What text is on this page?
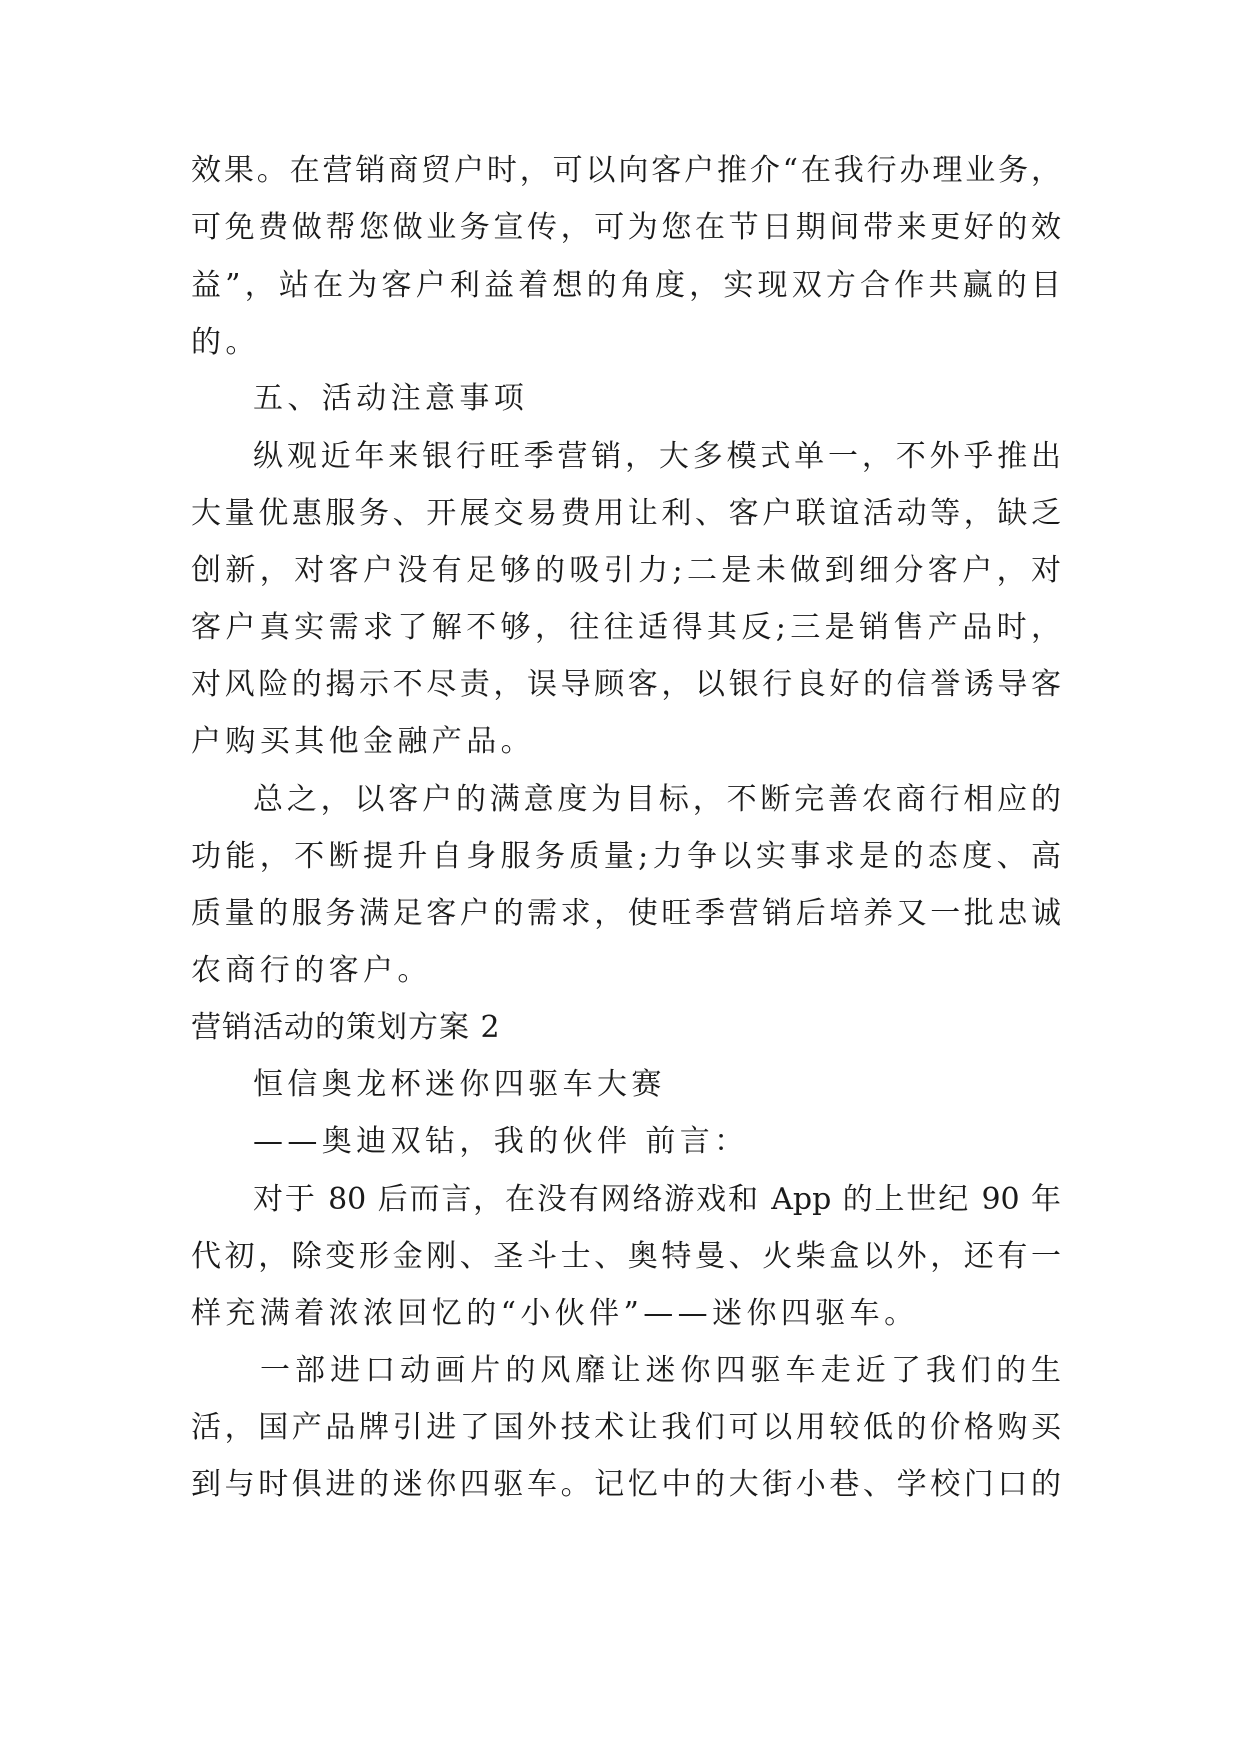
效果。在营销商贸户时，可以向客户推介“在我行办理业务，
可免费做帮您做业务宣传，可为您在节日期间带来更好的效
益”，站在为客户利益着想的角度，实现双方合作共赢的目
的。
五、活动注意事项
纵观近年来银行旺季营销，大多模式单一，不外乎推出
大量优惠服务、开展交易费用让利、客户联谊活动等，缺乏
创新，对客户没有足够的吸引力;二是未做到细分客户，对
客户真实需求了解不够，往往适得其反;三是销售产品时，
对风险的揭示不尽责，误导顾客，以银行良好的信誉诱导客
户购买其他金融产品。
总之，以客户的满意度为目标，不断完善农商行相应的
功能，不断提升自身服务质量;力争以实事求是的态度、高
质量的服务满足客户的需求，使旺季营销后培养又一批忠诚
农商行的客户。
营销活动的策划方案 2
恒信奥龙杯迷你四驱车大赛
——奥迪双钻，我的伙伴 前言：
对于 80 后而言，在没有网络游戏和 App 的上世纪 90 年
代初，除变形金刚、圣斗士、奥特曼、火柴盒以外，还有一
样充满着浓浓回忆的“小伙伴”——迷你四驱车。
一部进口动画片的风靡让迷你四驱车走近了我们的生
活，国产品牌引进了国外技术让我们可以用较低的价格购买
到与时俱进的迷你四驱车。记忆中的大街小巷、学校门口的
